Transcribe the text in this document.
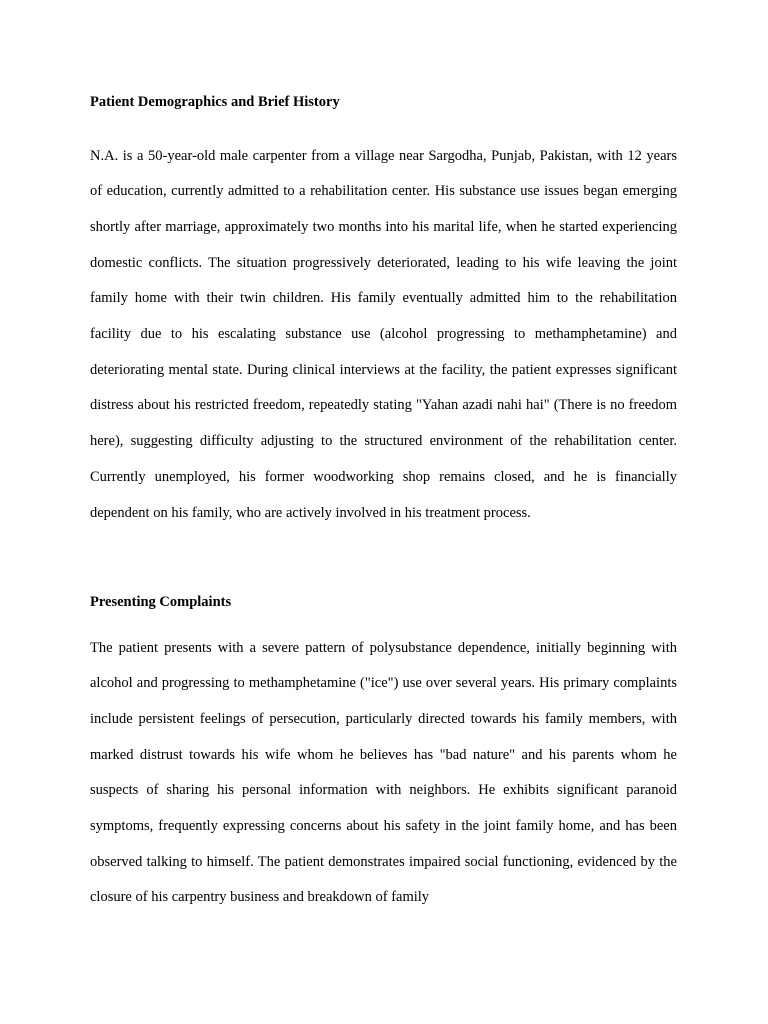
Patient Demographics and Brief History

N.A. is a 50-year-old male carpenter from a village near Sargodha, Punjab, Pakistan, with 12 years of education, currently admitted to a rehabilitation center. His substance use issues began emerging shortly after marriage, approximately two months into his marital life, when he started experiencing domestic conflicts. The situation progressively deteriorated, leading to his wife leaving the joint family home with their twin children. His family eventually admitted him to the rehabilitation facility due to his escalating substance use (alcohol progressing to methamphetamine) and deteriorating mental state. During clinical interviews at the facility, the patient expresses significant distress about his restricted freedom, repeatedly stating "Yahan azadi nahi hai" (There is no freedom here), suggesting difficulty adjusting to the structured environment of the rehabilitation center. Currently unemployed, his former woodworking shop remains closed, and he is financially dependent on his family, who are actively involved in his treatment process.

Presenting Complaints

The patient presents with a severe pattern of polysubstance dependence, initially beginning with alcohol and progressing to methamphetamine ("ice") use over several years. His primary complaints include persistent feelings of persecution, particularly directed towards his family members, with marked distrust towards his wife whom he believes has "bad nature" and his parents whom he suspects of sharing his personal information with neighbors. He exhibits significant paranoid symptoms, frequently expressing concerns about his safety in the joint family home, and has been observed talking to himself. The patient demonstrates impaired social functioning, evidenced by the closure of his carpentry business and breakdown of family
